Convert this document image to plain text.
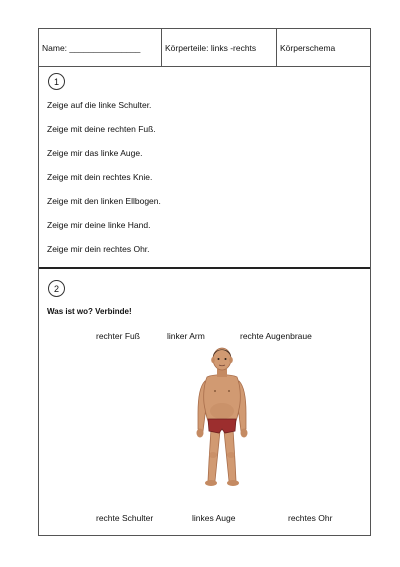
Name:
_______________	Körperteile: links -rechts	Körperschema
1
Zeige auf die linke Schulter.
Zeige mit deine rechten Fuß.
Zeige mir das linke Auge.
Zeige mit dein rechtes Knie.
Zeige mit den linken Ellbogen.
Zeige mir deine linke Hand.
Zeige mir dein rechtes Ohr.
2
Was ist wo? Verbinde!
rechter Fuß	linker Arm	rechte Augenbraue
rechte Schulter	linkes Auge	rechtes Ohr
